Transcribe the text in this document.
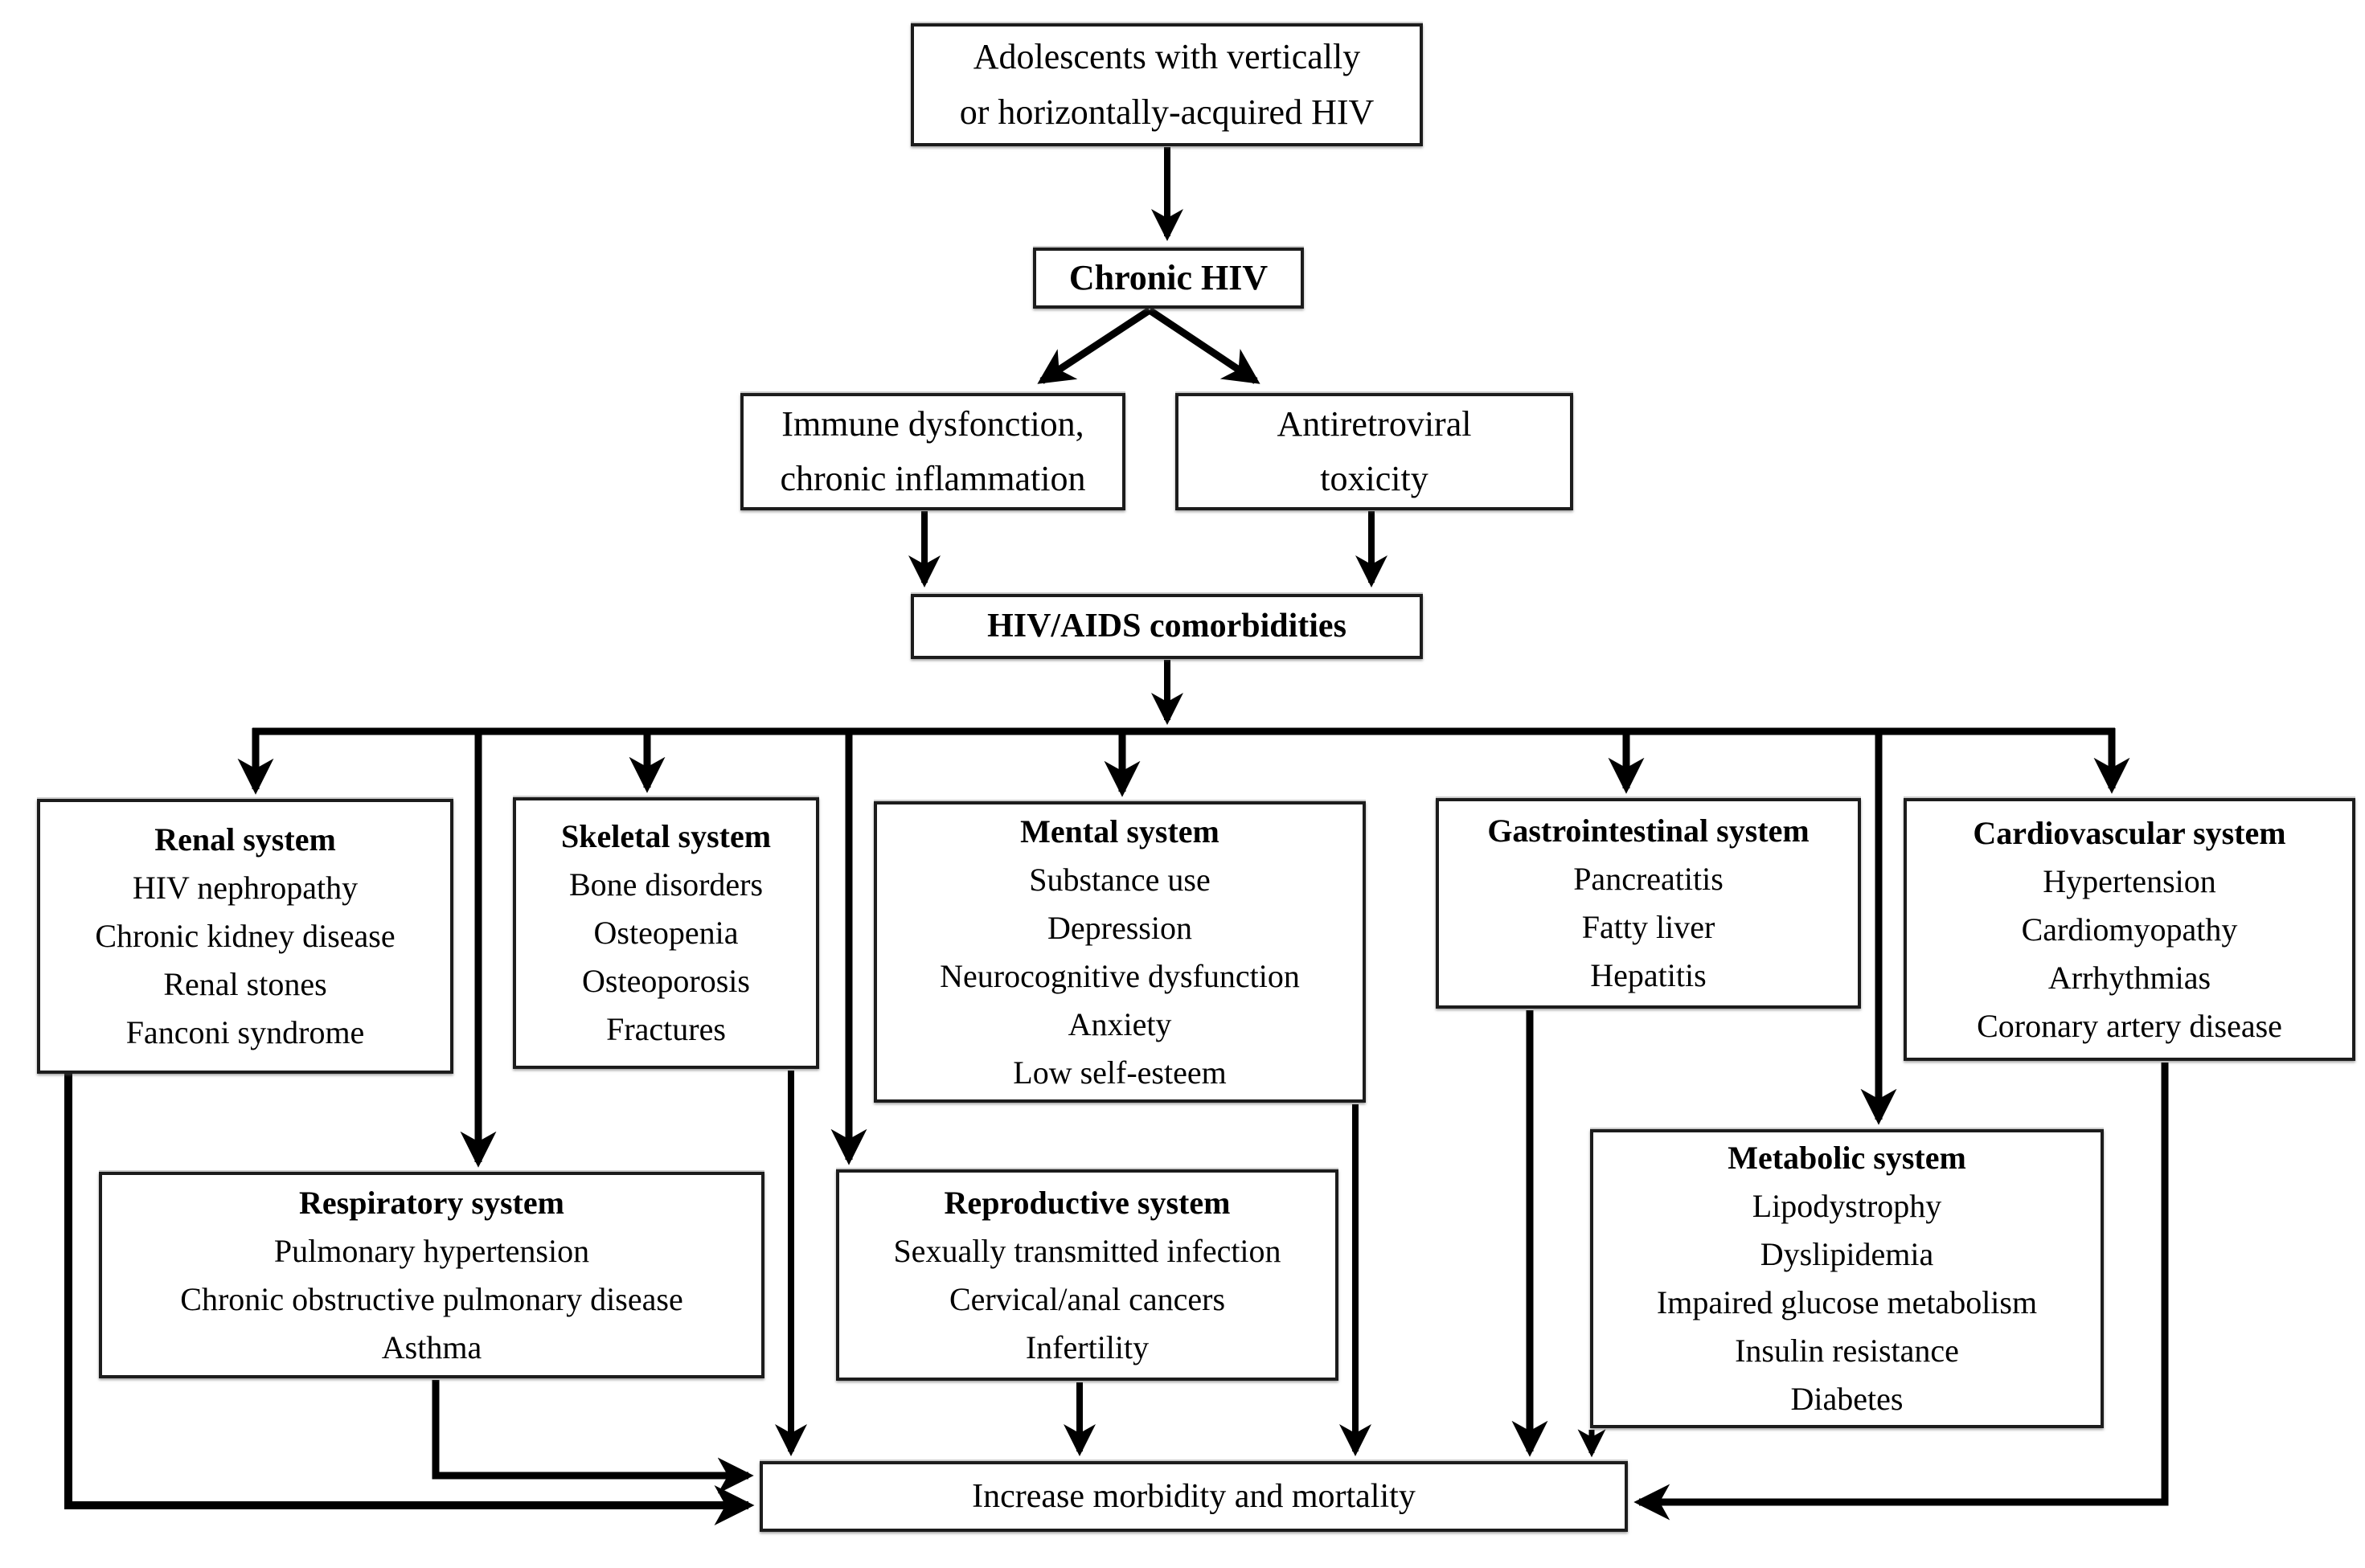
Adolescents with vertically
or horizontally-acquired HIV
Chronic HIV
Immune dysfonction,
chronic inflammation
Antiretroviral
toxicity
HIV/AIDS comorbidities
Renal system
HIV nephropathy
Chronic kidney disease
Renal stones
Fanconi syndrome
Skeletal system
Bone disorders
Osteopenia
Osteoporosis
Fractures
Mental system
Substance use
Depression
Neurocognitive dysfunction
Anxiety
Low self-esteem
Gastrointestinal system
Pancreatitis
Fatty liver
Hepatitis
Cardiovascular system
Hypertension
Cardiomyopathy
Arrhythmias
Coronary artery disease
Respiratory system
Pulmonary hypertension
Chronic obstructive pulmonary disease
Asthma
Reproductive system
Sexually transmitted infection
Cervical/anal cancers
Infertility
Metabolic system
Lipodystrophy
Dyslipidemia
Impaired glucose metabolism
Insulin resistance
Diabetes
Increase morbidity and mortality
